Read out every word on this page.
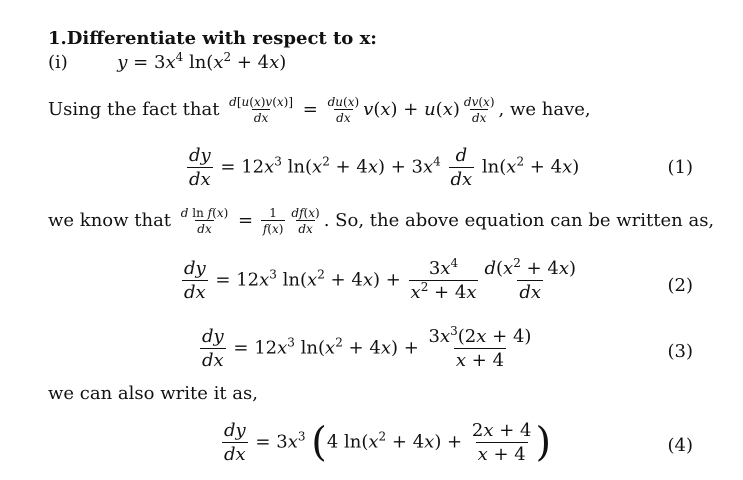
1.Differentiate with respect to x:
(i)	$y = 3x^4$ $\ln(x^2 + 4x)$
Using the fact that $\frac{d[u(x)v(x)]}{dx} = \frac{du(x)}{dx} v(x) + u(x) \frac{dv(x)}{dx}$ , we have,
$\frac{dy}{dx} = 12x^3$ $\ln(x^2 + 4x) + 3x^4 \frac{d}{dx} \ln(x^2 + 4x)$	(1)
we know that $\frac{\text{d ln f(x)}}{dx} = \frac{1}{f(x)} \frac{df(x)}{dx}$ . So, the above equation can be written as,
$\frac{dy}{dx} = 12x^3$ $\ln(x^2 + 4x) + \frac{3x^4}{x^2 + 4x} \frac{d(x^2 + 4x)}{dx}$	(2)
$\frac{dy}{dx} = 12x^3$ $\ln(x^2 + 4x) + \frac{3x^3(2x + 4)}{x + 4}$	(3)
we can also write it as,
$\frac{dy}{dx} = 3x^3$ (4 $\ln(x^2 + 4x) + \frac{2x + 4}{x + 4}$ )	(4)
